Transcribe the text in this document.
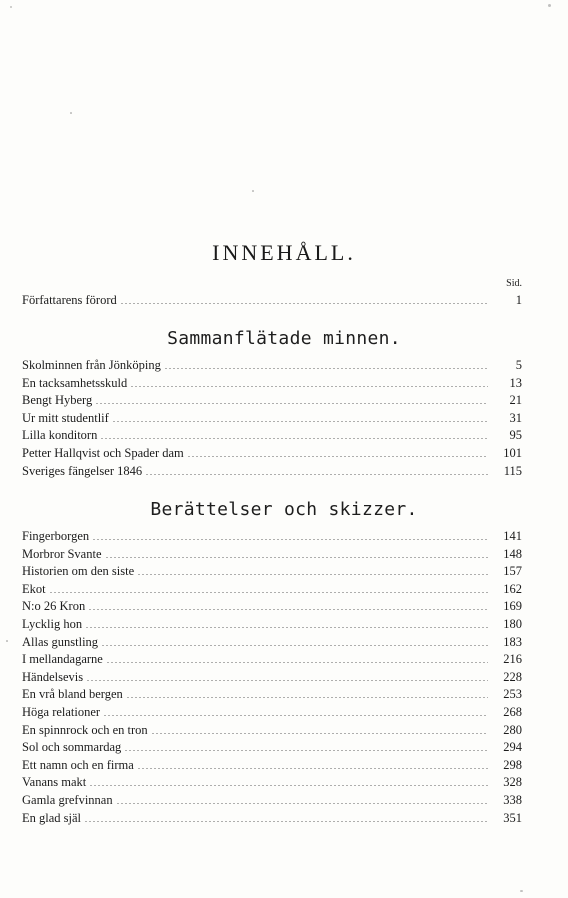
INNEHÅLL.
Sid.
Författarens förord	1
Sammanflätade minnen.
Skolminnen från Jönköping	5
En tacksamhetsskuld	13
Bengt Hyberg	21
Ur mitt studentlif	31
Lilla konditorn	95
Petter Hallqvist och Spader dam	101
Sveriges fängelser 1846	115
Berättelser och skizzer.
Fingerborgen	141
Morbror Svante	148
Historien om den siste	157
Ekot	162
N:o 26 Kron	169
Lycklig hon	180
Allas gunstling	183
I mellandagarne	216
Händelsevis	228
En vrå bland bergen	253
Höga relationer	268
En spinnrock och en tron	280
Sol och sommardag	294
Ett namn och en firma	298
Vanans makt	328
Gamla grefvinnan	338
En glad själ	351
